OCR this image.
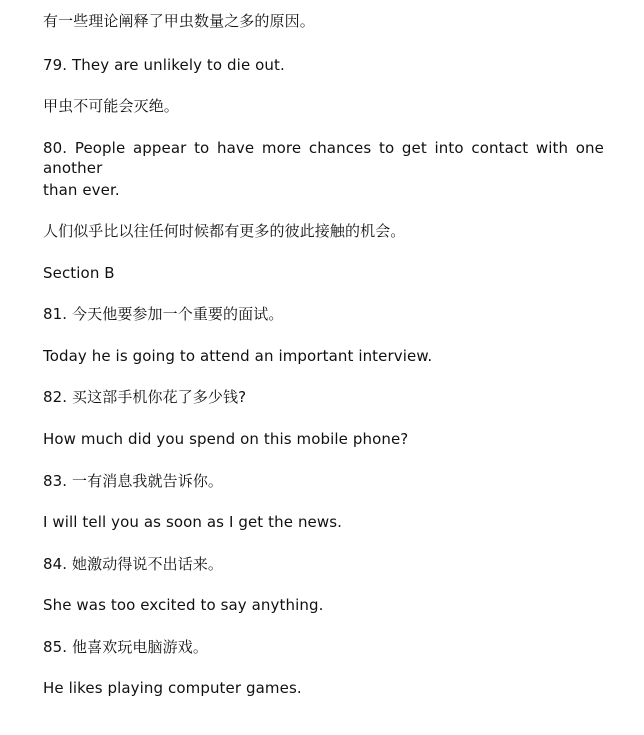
有一些理论阐释了甲虫数量之多的原因。
79. They are unlikely to die out.
甲虫不可能会灭绝。
80. People appear to have more chances to get into contact with one another
than ever.
人们似乎比以往任何时候都有更多的彼此接触的机会。
Section B
81. 今天他要参加一个重要的面试。
Today he is going to attend an important interview.
82. 买这部手机你花了多少钱?
How much did you spend on this mobile phone?
83. 一有消息我就告诉你。
I will tell you as soon as I get the news.
84. 她激动得说不出话来。
She was too excited to say anything.
85. 他喜欢玩电脑游戏。
He likes playing computer games.
